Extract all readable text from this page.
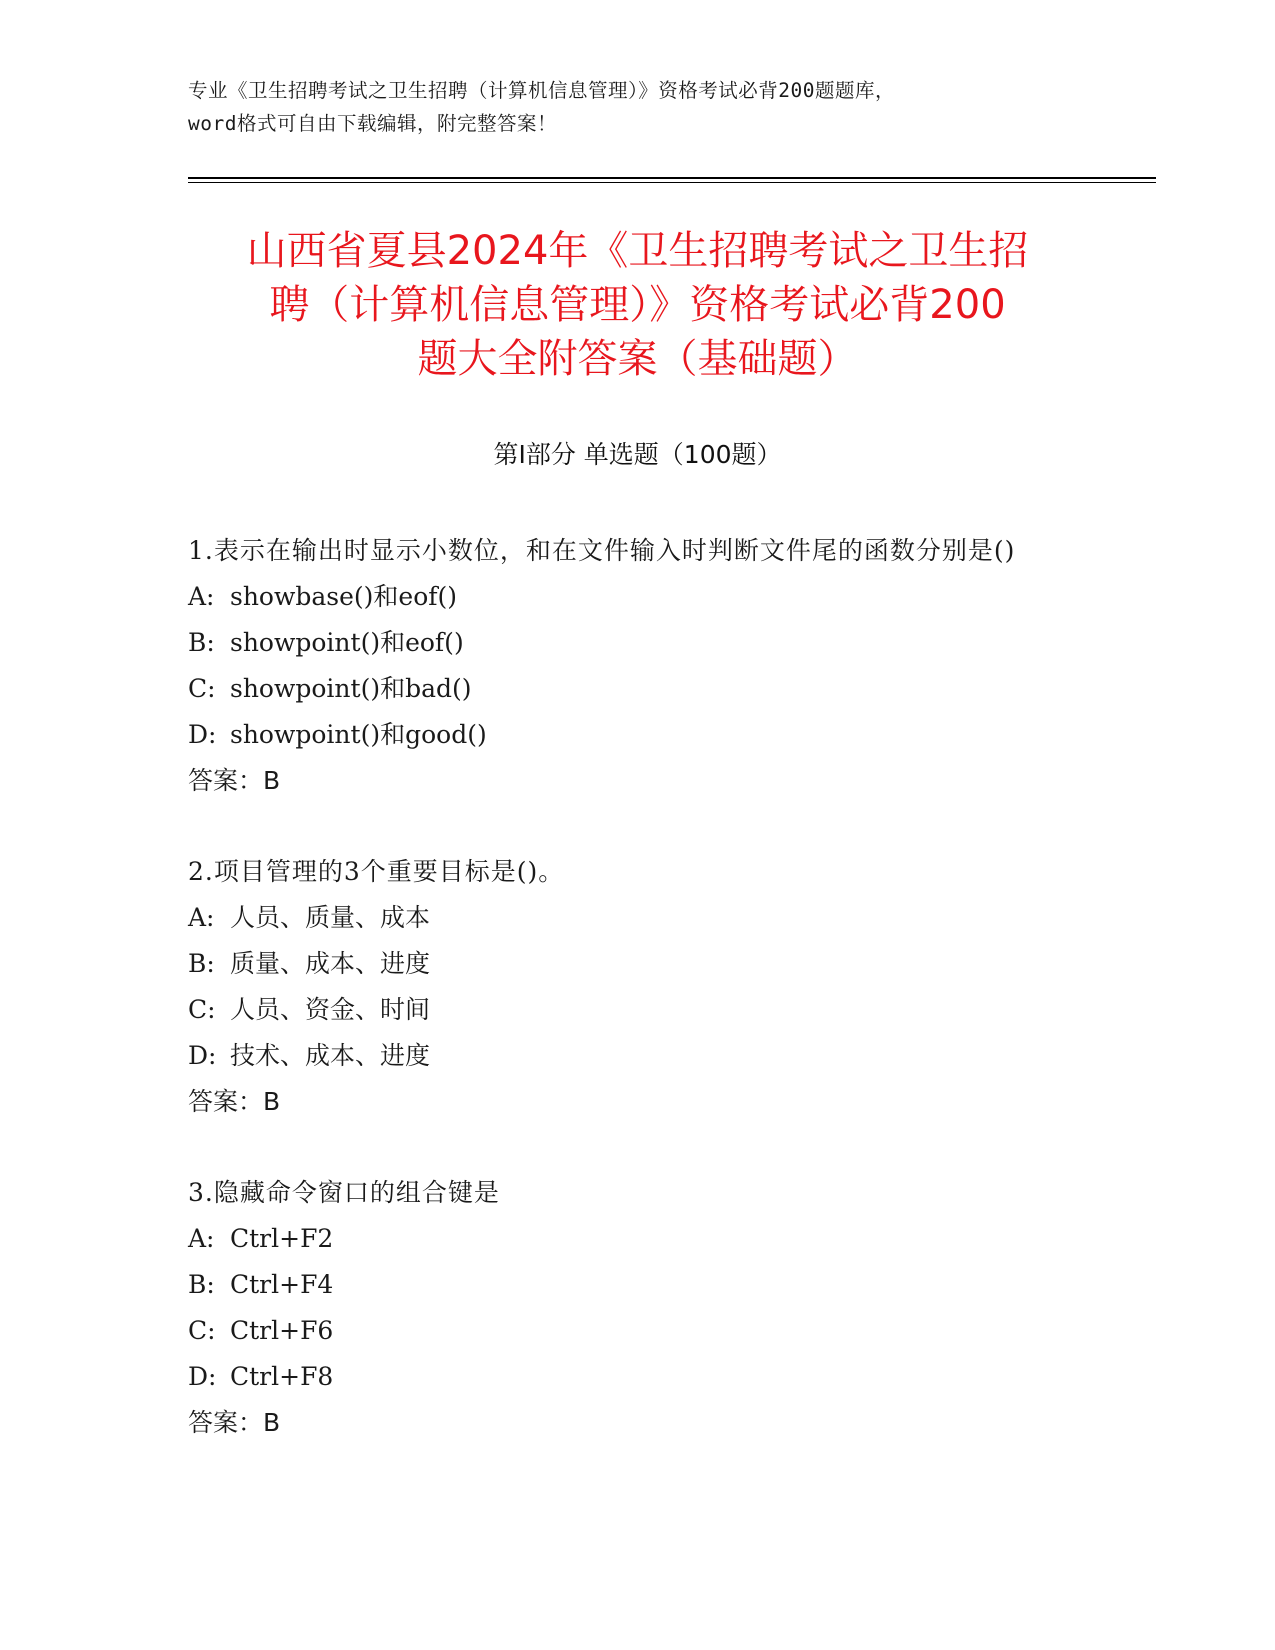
专业《卫生招聘考试之卫生招聘（计算机信息管理）》资格考试必背200题题库，
word格式可自由下载编辑，附完整答案！
山西省夏县2024年《卫生招聘考试之卫生招
聘（计算机信息管理）》资格考试必背200
题大全附答案（基础题）
第Ⅰ部分 单选题（100题）
1.表示在输出时显示小数位，和在文件输入时判断文件尾的函数分别是()
A: showbase()和eof()
B: showpoint()和eof()
C: showpoint()和bad()
D: showpoint()和good()
答案：B
2.项目管理的3个重要目标是()。
A: 人员、质量、成本
B: 质量、成本、进度
C: 人员、资金、时间
D: 技术、成本、进度
答案：B
3.隐藏命令窗口的组合键是
A: Ctrl+F2
B: Ctrl+F4
C: Ctrl+F6
D: Ctrl+F8
答案：B
